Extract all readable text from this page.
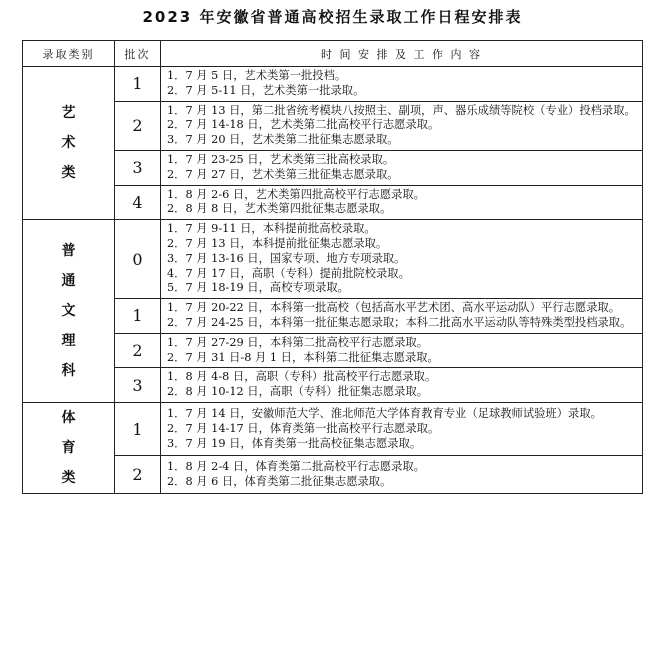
2023 年安徽省普通高校招生录取工作日程安排表
录取类别	批次	时 间 安 排 及 工 作 内 容

艺
术
类	1	1．7 月 5 日，艺术类第一批投档。
2．7 月 5-11 日，艺术类第一批录取。

	2	1．7 月 13 日，第二批省统考模块八按照主、副项，声、器乐成绩等院校（专业）投档录取。
2．7 月 14-18 日，艺术类第二批高校平行志愿录取。
3．7 月 20 日，艺术类第二批征集志愿录取。

	3	1．7 月 23-25 日，艺术类第三批高校录取。
2．7 月 27 日，艺术类第三批征集志愿录取。

	4	1．8 月 2-6 日，艺术类第四批高校平行志愿录取。
2．8 月 8 日，艺术类第四批征集志愿录取。

普
通
文
理
科	0	1．7 月 9-11 日，本科提前批高校录取。
2．7 月 13 日，本科提前批征集志愿录取。
3．7 月 13-16 日，国家专项、地方专项录取。
4．7 月 17 日，高职（专科）提前批院校录取。
5．7 月 18-19 日，高校专项录取。

	1	1．7 月 20-22 日，本科第一批高校（包括高水平艺术团、高水平运动队）平行志愿录取。
2．7 月 24-25 日，本科第一批征集志愿录取；本科二批高水平运动队等特殊类型投档录取。

	2	1．7 月 27-29 日，本科第二批高校平行志愿录取。
2．7 月 31 日-8 月 1 日，本科第二批征集志愿录取。

	3	1．8 月 4-8 日，高职（专科）批高校平行志愿录取。
2．8 月 10-12 日，高职（专科）批征集志愿录取。

体
育
类	1	1．7 月 14 日，安徽师范大学、淮北师范大学体育教育专业（足球教师试验班）录取。
2．7 月 14-17 日，体育类第一批高校平行志愿录取。
3．7 月 19 日，体育类第一批高校征集志愿录取。

	2	1．8 月 2-4 日，体育类第二批高校平行志愿录取。
2．8 月 6 日，体育类第二批征集志愿录取。
